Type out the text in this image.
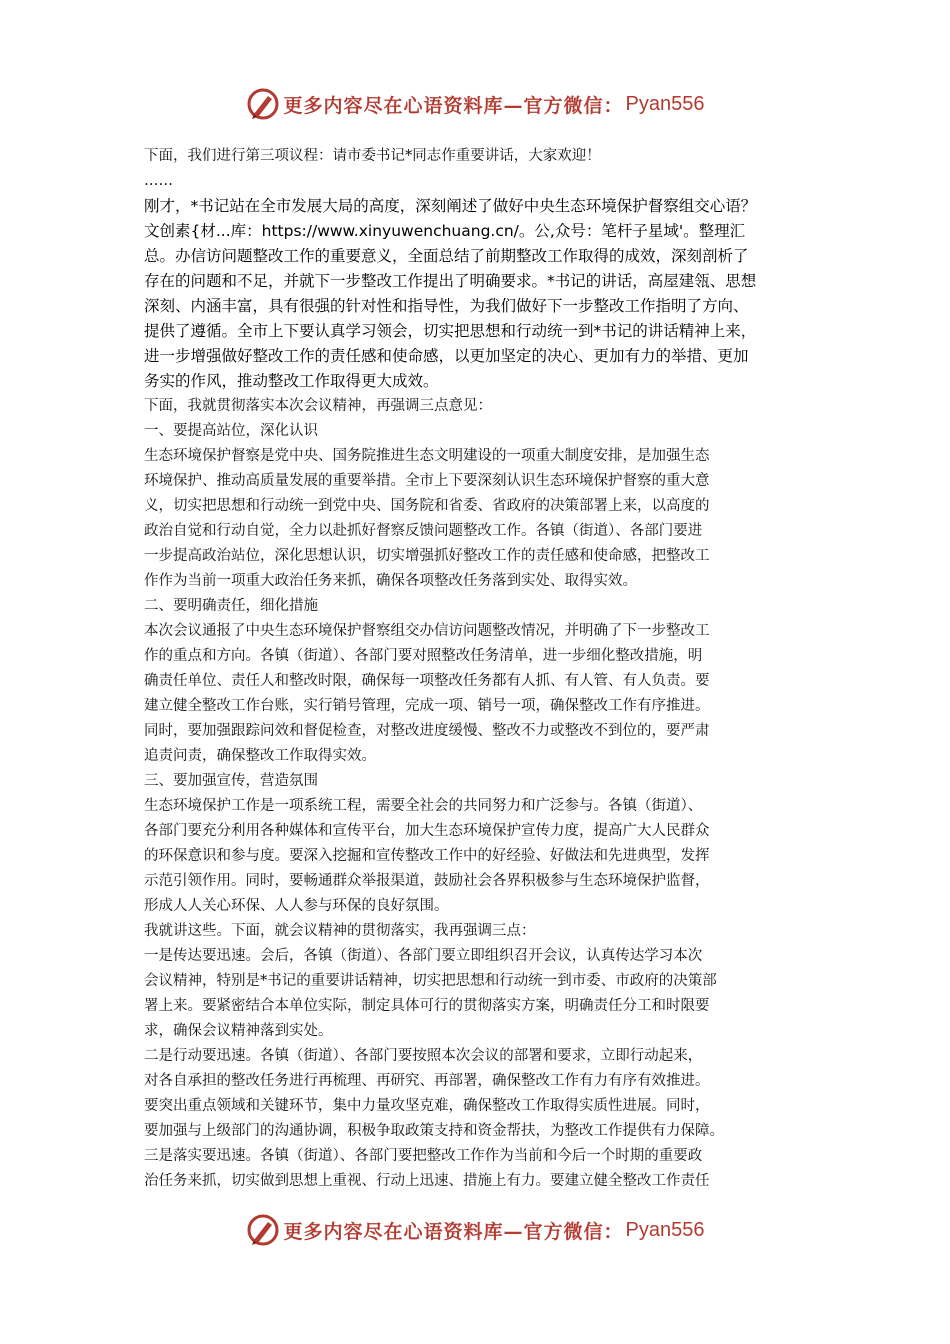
更多内容尽在心语资料库—官方微信： Pyan556
下面，我们进行第三项议程：请市委书记*同志作重要讲话，大家欢迎！
……
刚才，*书记站在全市发展大局的高度，深刻阐述了做好中央生态环境保护督察组交心语？
文创素{材...库：https://www.xinyuwenchuang.cn/。公,众号：笔杆子星域'。整理汇
总。办信访问题整改工作的重要意义，全面总结了前期整改工作取得的成效，深刻剖析了
存在的问题和不足，并就下一步整改工作提出了明确要求。*书记的讲话，高屋建瓴、思想
深刻、内涵丰富，具有很强的针对性和指导性，为我们做好下一步整改工作指明了方向、
提供了遵循。全市上下要认真学习领会，切实把思想和行动统一到*书记的讲话精神上来，
进一步增强做好整改工作的责任感和使命感，以更加坚定的决心、更加有力的举措、更加
务实的作风，推动整改工作取得更大成效。
下面，我就贯彻落实本次会议精神，再强调三点意见：
一、要提高站位，深化认识
生态环境保护督察是党中央、国务院推进生态文明建设的一项重大制度安排，是加强生态
环境保护、推动高质量发展的重要举措。全市上下要深刻认识生态环境保护督察的重大意
义，切实把思想和行动统一到党中央、国务院和省委、省政府的决策部署上来，以高度的
政治自觉和行动自觉，全力以赴抓好督察反馈问题整改工作。各镇（街道）、各部门要进
一步提高政治站位，深化思想认识，切实增强抓好整改工作的责任感和使命感，把整改工
作作为当前一项重大政治任务来抓，确保各项整改任务落到实处、取得实效。
二、要明确责任，细化措施
本次会议通报了中央生态环境保护督察组交办信访问题整改情况，并明确了下一步整改工
作的重点和方向。各镇（街道）、各部门要对照整改任务清单，进一步细化整改措施，明
确责任单位、责任人和整改时限，确保每一项整改任务都有人抓、有人管、有人负责。要
建立健全整改工作台账，实行销号管理，完成一项、销号一项，确保整改工作有序推进。
同时，要加强跟踪问效和督促检查，对整改进度缓慢、整改不力或整改不到位的，要严肃
追责问责，确保整改工作取得实效。
三、要加强宣传，营造氛围
生态环境保护工作是一项系统工程，需要全社会的共同努力和广泛参与。各镇（街道）、
各部门要充分利用各种媒体和宣传平台，加大生态环境保护宣传力度，提高广大人民群众
的环保意识和参与度。要深入挖掘和宣传整改工作中的好经验、好做法和先进典型，发挥
示范引领作用。同时，要畅通群众举报渠道，鼓励社会各界积极参与生态环境保护监督，
形成人人关心环保、人人参与环保的良好氛围。
我就讲这些。下面，就会议精神的贯彻落实，我再强调三点：
一是传达要迅速。会后，各镇（街道）、各部门要立即组织召开会议，认真传达学习本次
会议精神，特别是*书记的重要讲话精神，切实把思想和行动统一到市委、市政府的决策部
署上来。要紧密结合本单位实际，制定具体可行的贯彻落实方案，明确责任分工和时限要
求，确保会议精神落到实处。
二是行动要迅速。各镇（街道）、各部门要按照本次会议的部署和要求，立即行动起来，
对各自承担的整改任务进行再梳理、再研究、再部署，确保整改工作有力有序有效推进。
要突出重点领域和关键环节，集中力量攻坚克难，确保整改工作取得实质性进展。同时，
要加强与上级部门的沟通协调，积极争取政策支持和资金帮扶，为整改工作提供有力保障。
三是落实要迅速。各镇（街道）、各部门要把整改工作作为当前和今后一个时期的重要政
治任务来抓，切实做到思想上重视、行动上迅速、措施上有力。要建立健全整改工作责任
更多内容尽在心语资料库—官方微信： Pyan556
